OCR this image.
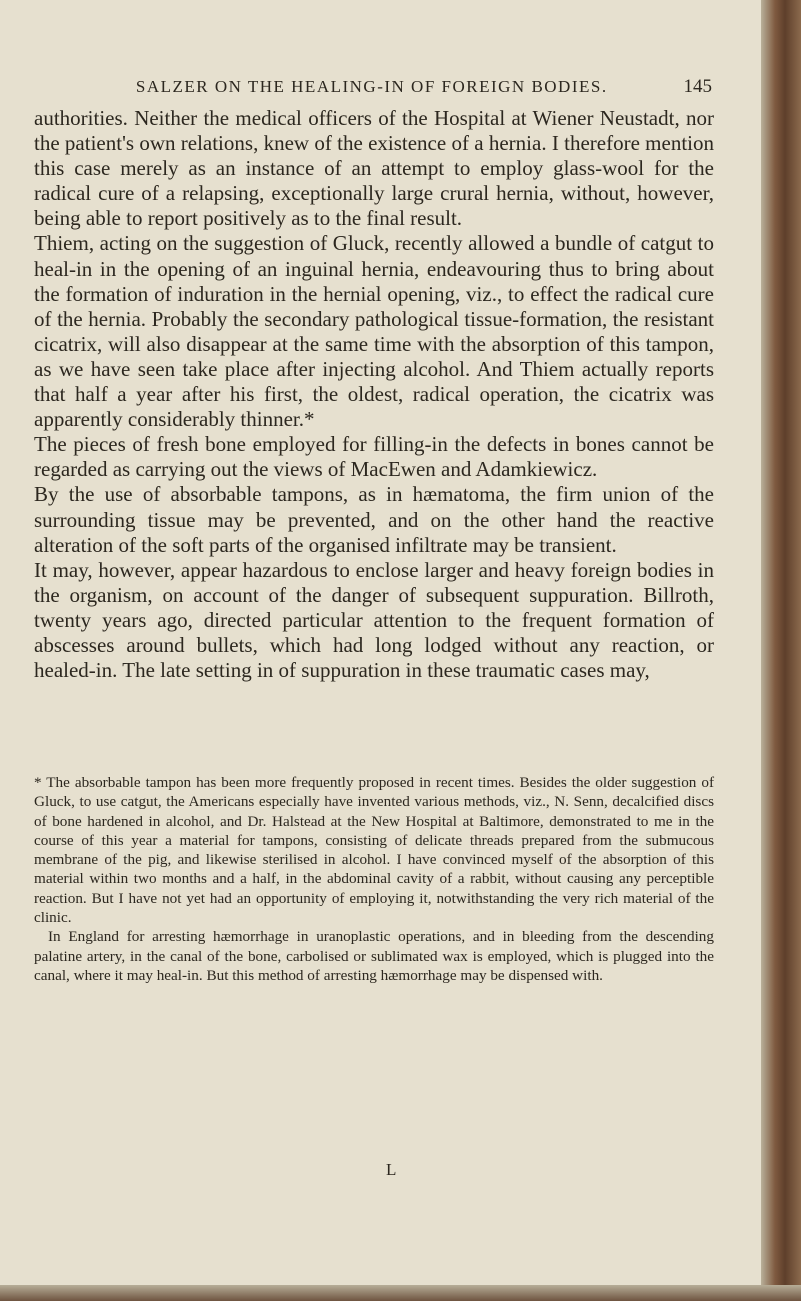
SALZER ON THE HEALING-IN OF FOREIGN BODIES.	145

authorities. Neither the medical officers of the Hospital at Wiener Neustadt, nor the patient's own relations, knew of the existence of a hernia. I therefore mention this case merely as an instance of an attempt to employ glass-wool for the radical cure of a relapsing, exceptionally large crural hernia, without, however, being able to report positively as to the final result.

Thiem, acting on the suggestion of Gluck, recently allowed a bundle of catgut to heal-in in the opening of an inguinal hernia, endeavouring thus to bring about the formation of induration in the hernial opening, viz., to effect the radical cure of the hernia. Probably the secondary pathological tissue-formation, the resistant cicatrix, will also disappear at the same time with the absorption of this tampon, as we have seen take place after injecting alcohol. And Thiem actually reports that half a year after his first, the oldest, radical operation, the cicatrix was apparently considerably thinner.*

The pieces of fresh bone employed for filling-in the defects in bones cannot be regarded as carrying out the views of MacEwen and Adamkiewicz.

By the use of absorbable tampons, as in hæmatoma, the firm union of the surrounding tissue may be prevented, and on the other hand the reactive alteration of the soft parts of the organised infiltrate may be transient.

It may, however, appear hazardous to enclose larger and heavy foreign bodies in the organism, on account of the danger of subsequent suppuration. Billroth, twenty years ago, directed particular attention to the frequent formation of abscesses around bullets, which had long lodged without any reaction, or healed-in. The late setting in of suppuration in these traumatic cases may,

* The absorbable tampon has been more frequently proposed in recent times. Besides the older suggestion of Gluck, to use catgut, the Americans especially have invented various methods, viz., N. Senn, decalcified discs of bone hardened in alcohol, and Dr. Halstead at the New Hospital at Baltimore, demonstrated to me in the course of this year a material for tampons, consisting of delicate threads prepared from the submucous membrane of the pig, and likewise sterilised in alcohol. I have convinced myself of the absorption of this material within two months and a half, in the abdominal cavity of a rabbit, without causing any perceptible reaction. But I have not yet had an opportunity of employing it, notwithstanding the very rich material of the clinic.

In England for arresting hæmorrhage in uranoplastic operations, and in bleeding from the descending palatine artery, in the canal of the bone, carbolised or sublimated wax is employed, which is plugged into the canal, where it may heal-in. But this method of arresting hæmorrhage may be dispensed with.

L
